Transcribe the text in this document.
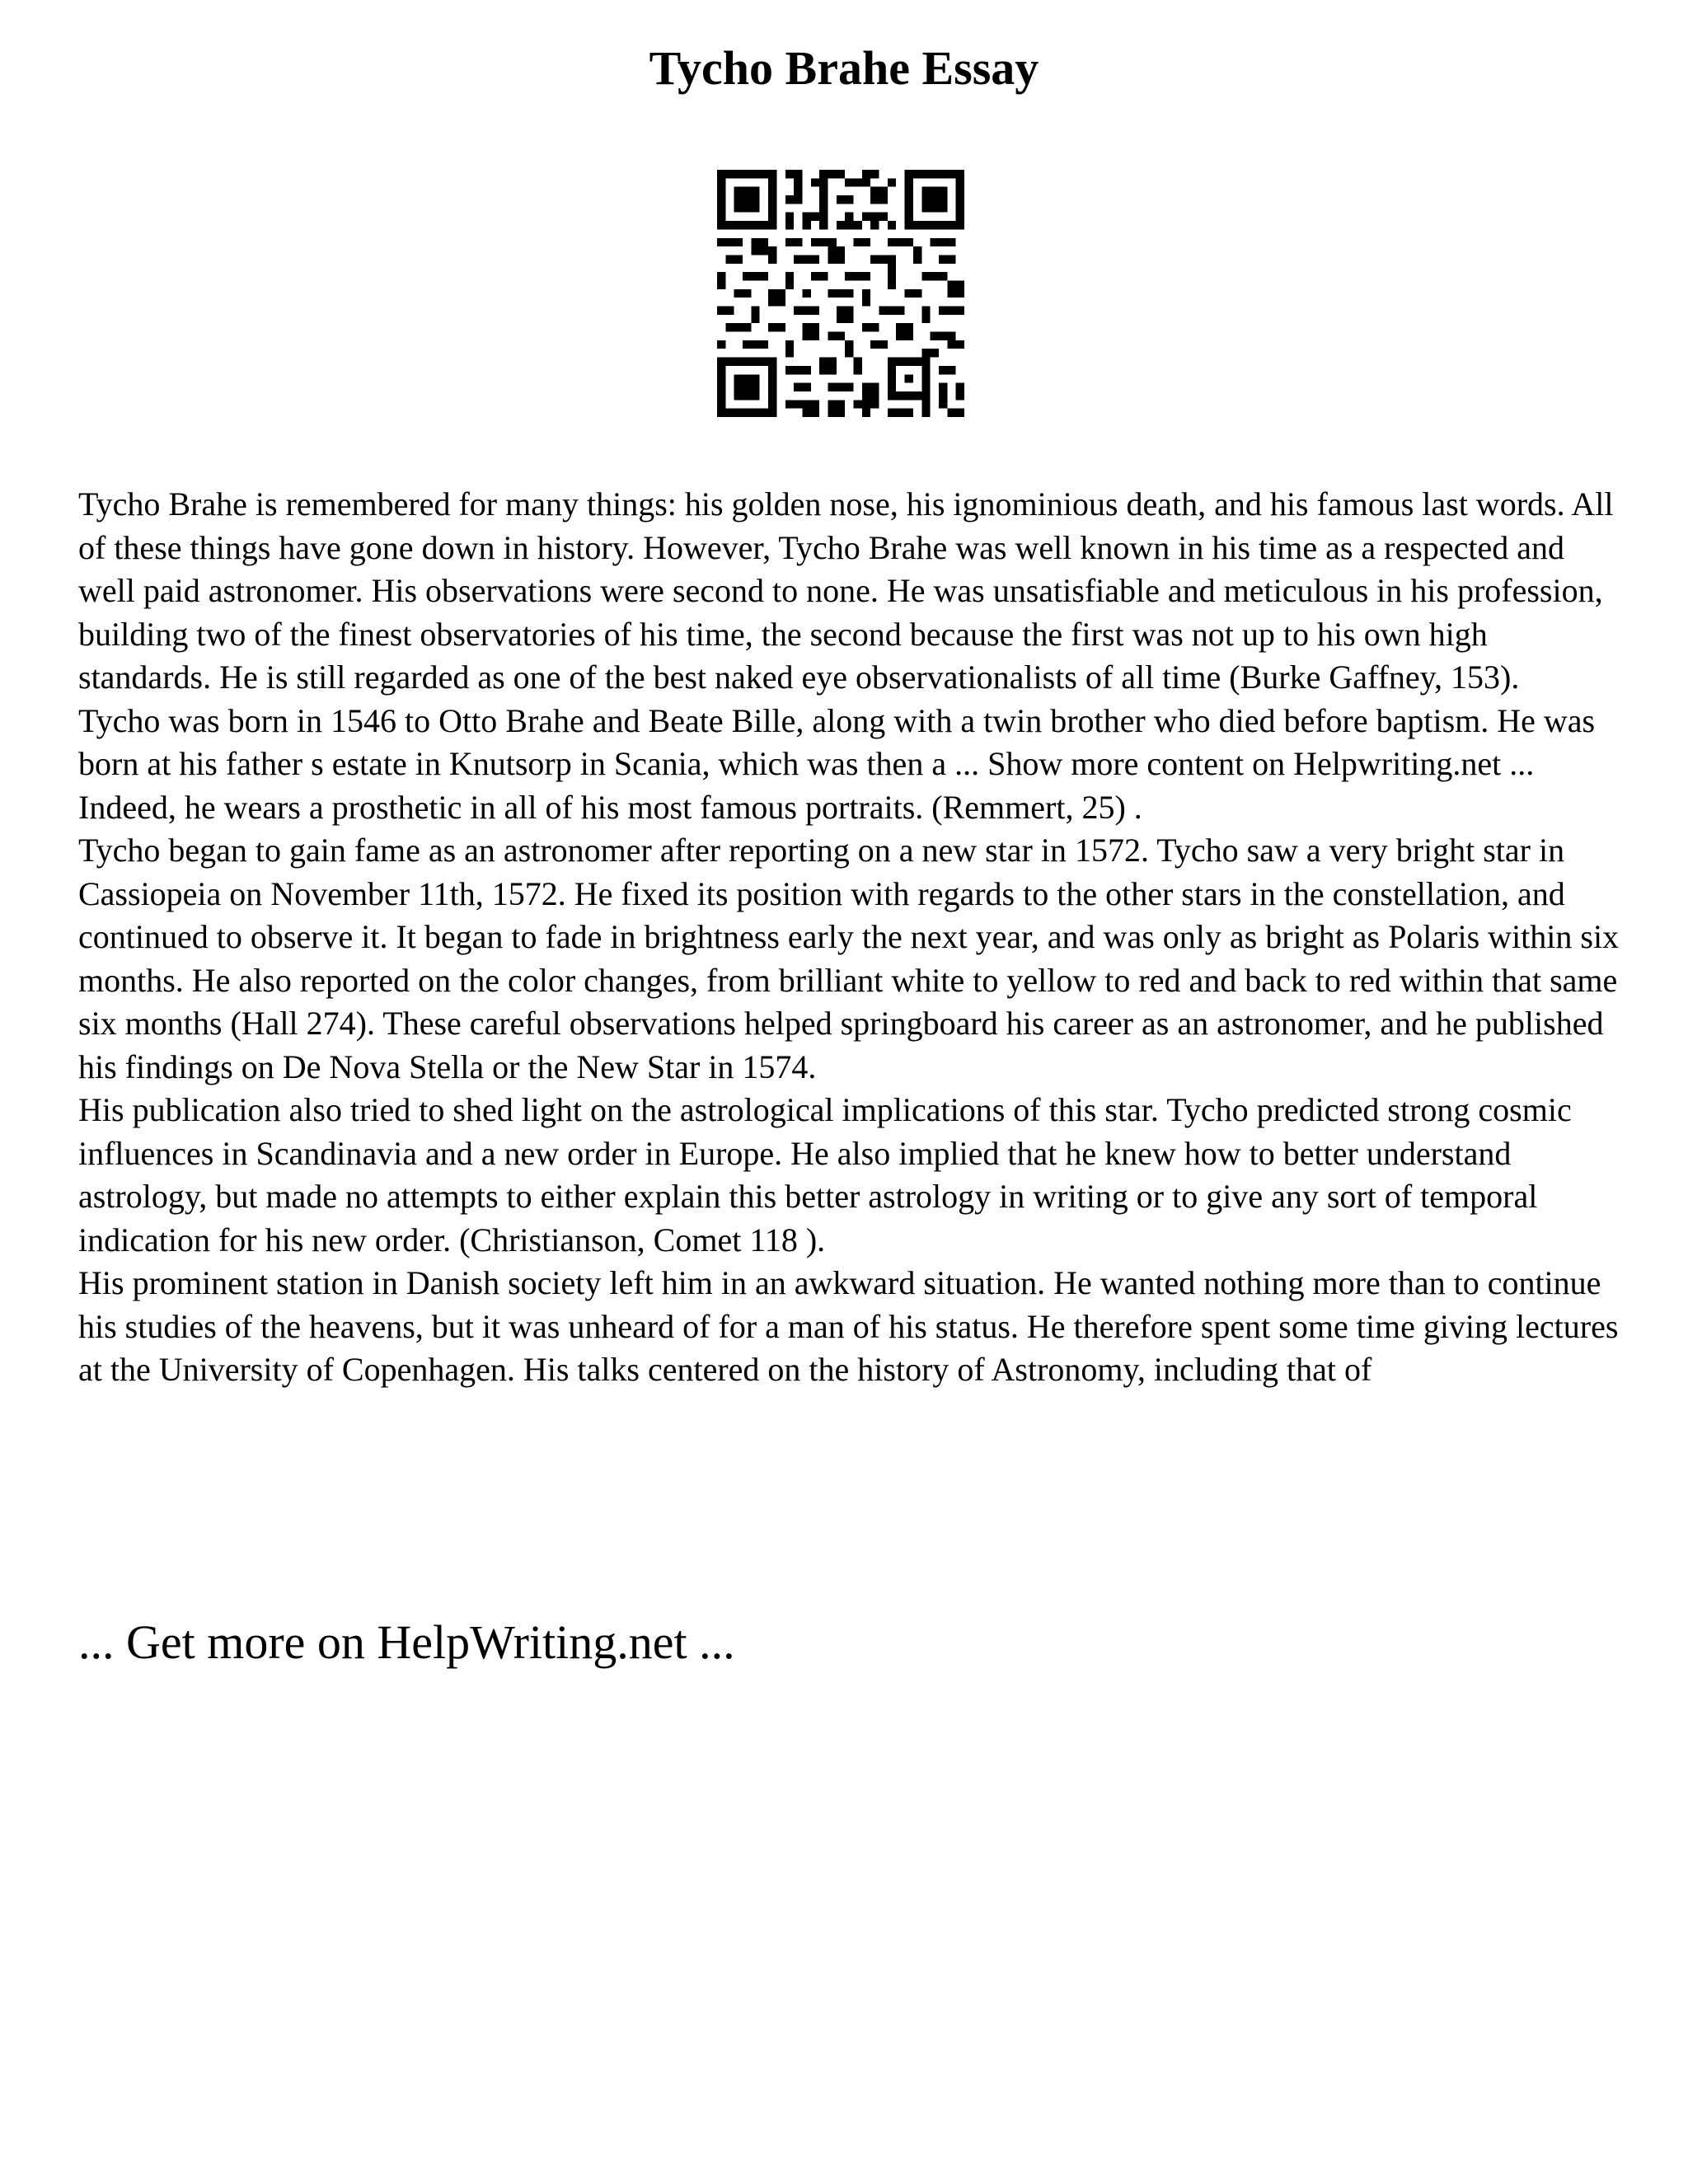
Tycho Brahe Essay

Tycho Brahe is remembered for many things: his golden nose, his ignominious death, and his famous last words. All of these things have gone down in history. However, Tycho Brahe was well known in his time as a respected and well paid astronomer. His observations were second to none. He was unsatisfiable and meticulous in his profession, building two of the finest observatories of his time, the second because the first was not up to his own high standards. He is still regarded as one of the best naked eye observationalists of all time (Burke Gaffney, 153).

Tycho was born in 1546 to Otto Brahe and Beate Bille, along with a twin brother who died before baptism. He was born at his father s estate in Knutsorp in Scania, which was then a ... Show more content on Helpwriting.net ...

Indeed, he wears a prosthetic in all of his most famous portraits. (Remmert, 25) .

Tycho began to gain fame as an astronomer after reporting on a new star in 1572. Tycho saw a very bright star in Cassiopeia on November 11th, 1572. He fixed its position with regards to the other stars in the constellation, and continued to observe it. It began to fade in brightness early the next year, and was only as bright as Polaris within six months. He also reported on the color changes, from brilliant white to yellow to red and back to red within that same six months (Hall 274). These careful observations helped springboard his career as an astronomer, and he published his findings on De Nova Stella or the New Star in 1574.

His publication also tried to shed light on the astrological implications of this star. Tycho predicted strong cosmic influences in Scandinavia and a new order in Europe. He also implied that he knew how to better understand astrology, but made no attempts to either explain this better astrology in writing or to give any sort of temporal indication for his new order. (Christianson, Comet 118 ).

His prominent station in Danish society left him in an awkward situation. He wanted nothing more than to continue his studies of the heavens, but it was unheard of for a man of his status. He therefore spent some time giving lectures at the University of Copenhagen. His talks centered on the history of Astronomy, including that of

... Get more on HelpWriting.net ...
